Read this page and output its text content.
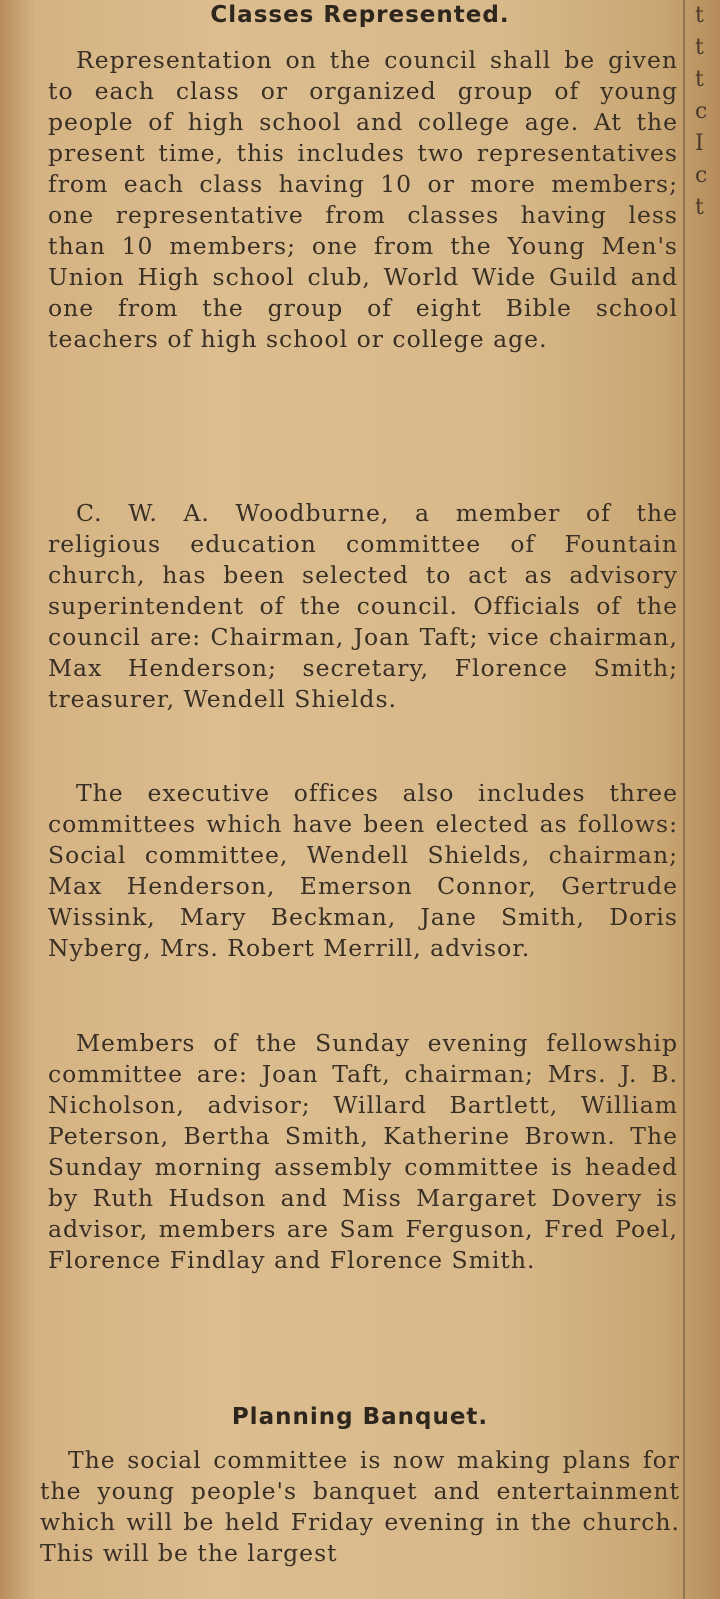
Classes Represented.

Representation on the council shall be given to each class or organized group of young people of high school and college age. At the present time, this includes two representatives from each class having 10 or more members; one representative from classes having less than 10 members; one from the Young Men's Union High school club, World Wide Guild and one from the group of eight Bible school teachers of high school or college age.

C. W. A. Woodburne, a member of the religious education committee of Fountain church, has been selected to act as advisory superintendent of the council. Officials of the council are: Chairman, Joan Taft; vice chairman, Max Henderson; secretary, Florence Smith; treasurer, Wendell Shields.

The executive offices also includes three committees which have been elected as follows: Social committee, Wendell Shields, chairman; Max Henderson, Emerson Connor, Gertrude Wissink, Mary Beckman, Jane Smith, Doris Nyberg, Mrs. Robert Merrill, advisor.

Members of the Sunday evening fellowship committee are: Joan Taft, chairman; Mrs. J. B. Nicholson, advisor; Willard Bartlett, William Peterson, Bertha Smith, Katherine Brown. The Sunday morning assembly committee is headed by Ruth Hudson and Miss Margaret Dovery is advisor, members are Sam Ferguson, Fred Poel, Florence Findlay and Florence Smith.

Planning Banquet.

The social committee is now making plans for the young people's banquet and entertainment which will be held Friday evening in the church. This will be the largest

t
t
t
c
I
c
t
